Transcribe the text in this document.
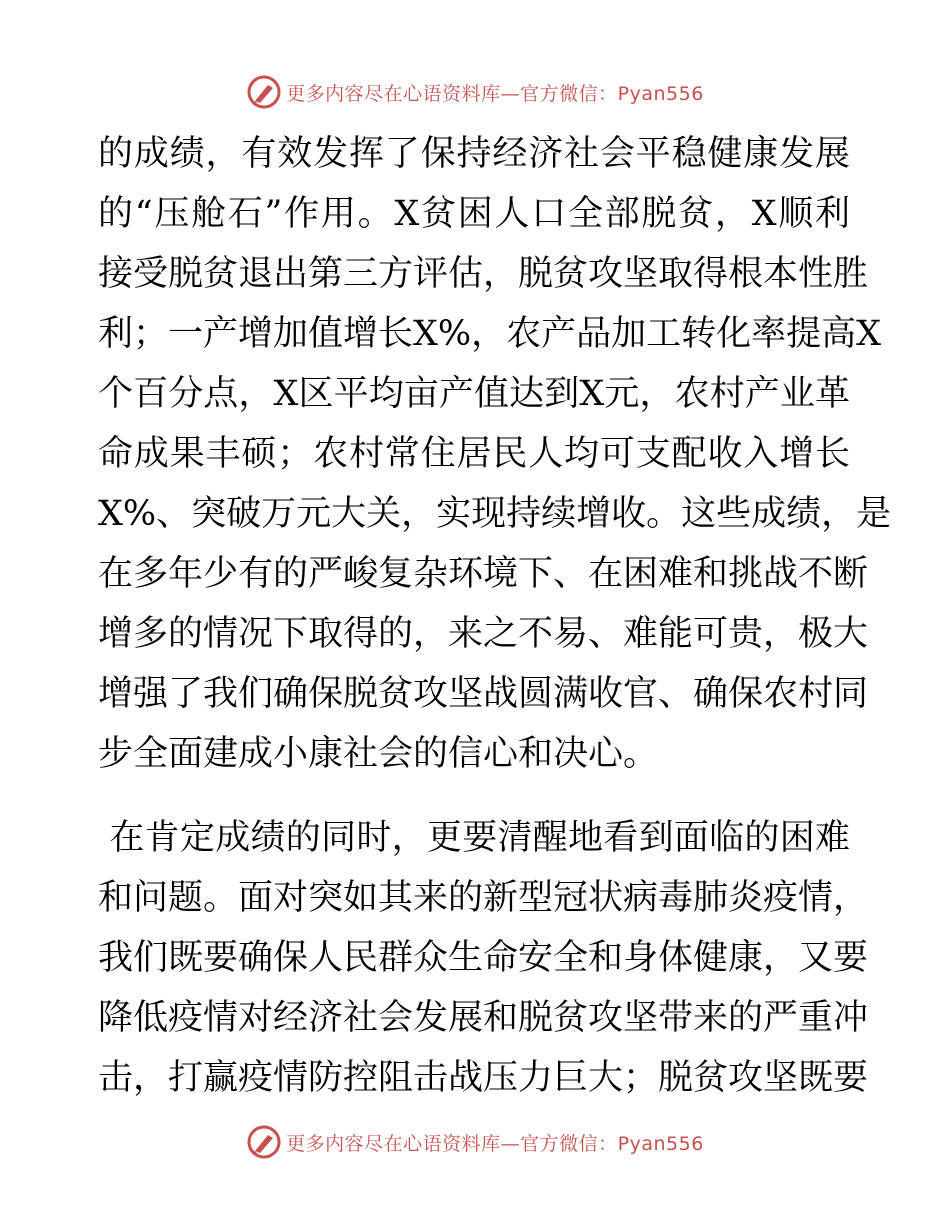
更多内容尽在心语资料库—官方微信：Pyan556
的成绩，有效发挥了保持经济社会平稳健康发展
的“压舱石”作用。X贫困人口全部脱贫，X顺利
接受脱贫退出第三方评估，脱贫攻坚取得根本性胜
利；一产增加值增长X%，农产品加工转化率提高X
个百分点，X区平均亩产值达到X元，农村产业革
命成果丰硕；农村常住居民人均可支配收入增长
X%、突破万元大关，实现持续增收。这些成绩，是
在多年少有的严峻复杂环境下、在困难和挑战不断
增多的情况下取得的，来之不易、难能可贵，极大
增强了我们确保脱贫攻坚战圆满收官、确保农村同
步全面建成小康社会的信心和决心。
在肯定成绩的同时，更要清醒地看到面临的困难
和问题。面对突如其来的新型冠状病毒肺炎疫情，
我们既要确保人民群众生命安全和身体健康，又要
降低疫情对经济社会发展和脱贫攻坚带来的严重冲
击，打赢疫情防控阻击战压力巨大；脱贫攻坚既要
更多内容尽在心语资料库—官方微信：Pyan556
